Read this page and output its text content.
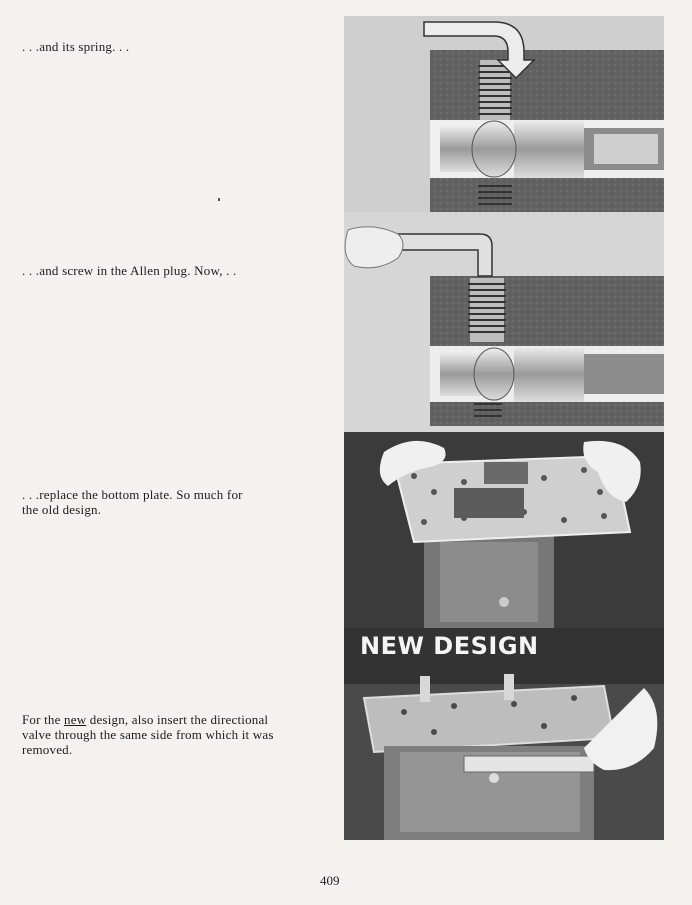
. . .and its spring. . .
. . .and screw in the Allen plug. Now, . .
. . .replace the bottom plate. So much for
the old design.
For the new design, also insert the directional
valve through the same side from which it was
removed.
NEW DESIGN
409
